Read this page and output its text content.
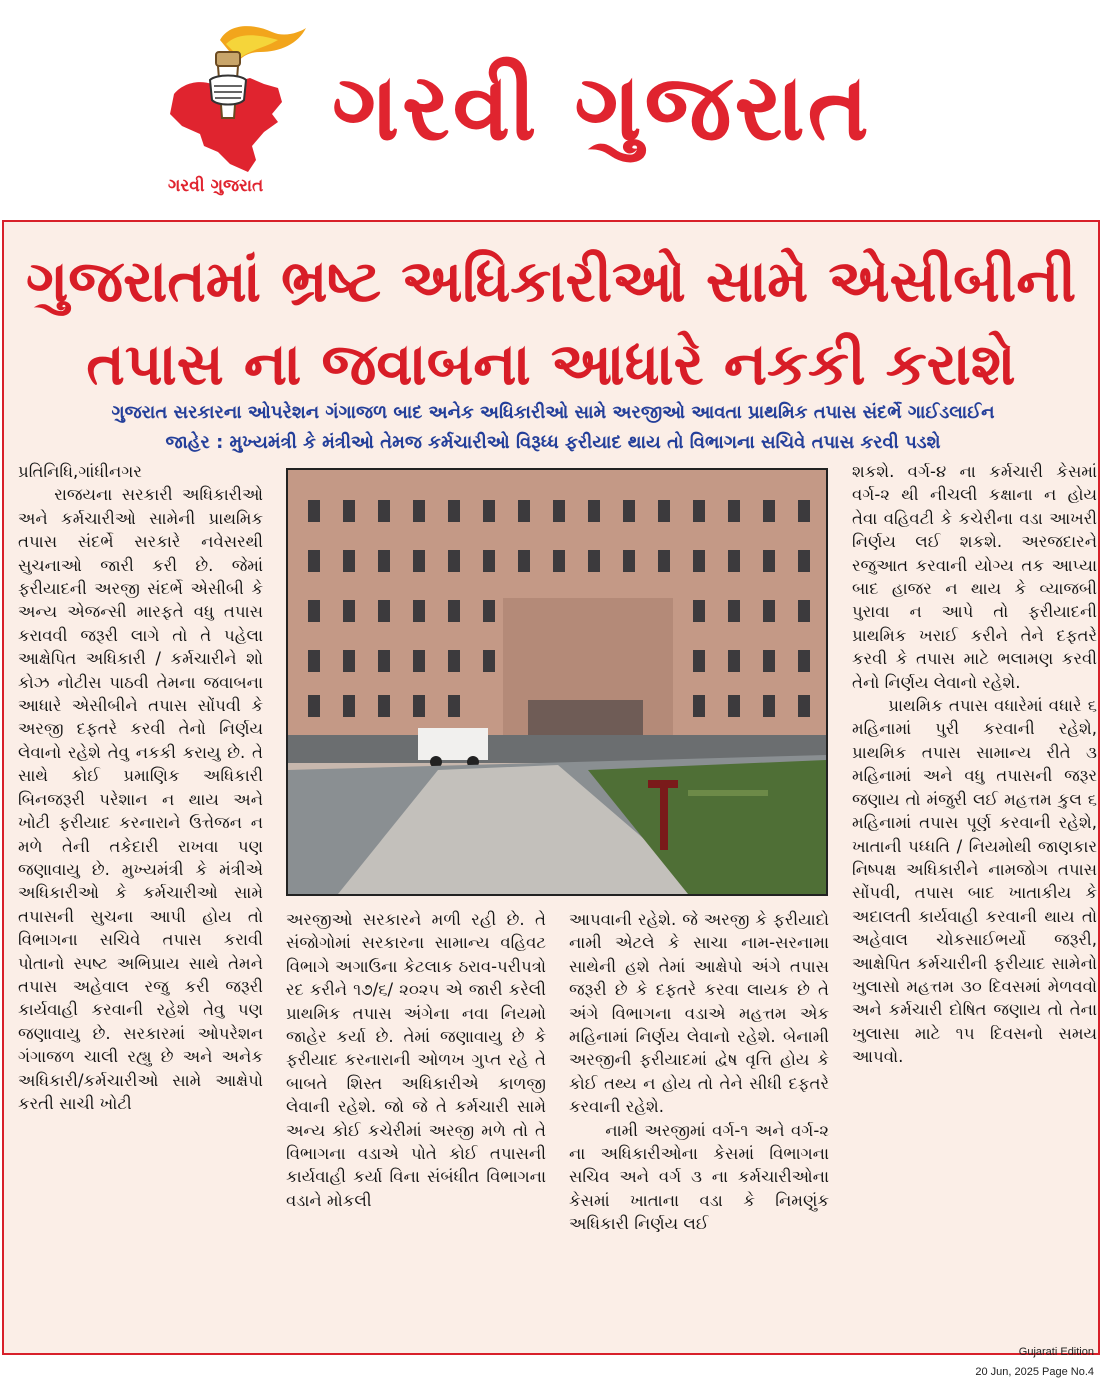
ગરવી ગુજરાત
ગરવી ગુજરાત
ગુજરાતમાં ભ્રષ્ટ અધિકારીઓ સામે એસીબીની
તપાસ ના જવાબના આધારે નકકી કરાશે
ગુજરાત સરકારના ઓપરેશન ગંગાજળ બાદ અનેક અધિકારીઓ સામે અરજીઓ આવતા પ્રાથમિક તપાસ સંદર્ભે ગાઈડલાઈન
જાહેર : મુખ્યમંત્રી કે મંત્રીઓ તેમજ કર્મચારીઓ વિરૂધ્ધ ફરીયાદ થાય તો વિભાગના સચિવે તપાસ કરવી પડશે

પ્રતિનિધિ,ગાંધીનગર

રાજયના સરકારી અધિકારીઓ અને કર્મચારીઓ સામેની પ્રાથમિક તપાસ સંદર્ભે સરકારે નવેસરથી સુચનાઓ જારી કરી છે. જેમાં ફરીયાદની અરજી સંદર્ભે એસીબી કે અન્ય એજન્સી મારફતે વધુ તપાસ કરાવવી જરૂરી લાગે તો તે પહેલા આક્ષેપિત અધિકારી / કર્મચારીને શો કોઝ નોટીસ પાઠવી તેમના જવાબના આધારે એસીબીને તપાસ સોંપવી કે અરજી દફતરે કરવી તેનો નિર્ણય લેવાનો રહેશે તેવુ નકકી કરાયુ છે. તે સાથે કોઈ પ્રમાણિક અધિકારી બિનજરૂરી પરેશાન ન થાય અને ખોટી ફરીયાદ કરનારાને ઉત્તેજન ન મળે તેની તકેદારી રાખવા પણ જણાવાયુ છે. મુખ્યમંત્રી કે મંત્રીએ અધિકારીઓ કે કર્મચારીઓ સામે તપાસની સુચના આપી હોય તો વિભાગના સચિવે તપાસ કરાવી પોતાનો સ્પષ્ટ અભિપ્રાય સાથે તેમને તપાસ અહેવાલ રજુ કરી જરૂરી કાર્યવાહી કરવાની રહેશે તેવુ પણ જણાવાયુ છે. સરકારમાં ઓપરેશન ગંગાજળ ચાલી રહ્યુ છે અને અનેક અધિકારી/કર્મચારીઓ સામે આક્ષેપો કરતી સાચી ખોટી

અરજીઓ સરકારને મળી રહી છે. તે સંજોગોમાં સરકારના સામાન્ય વહિવટ વિભાગે અગાઉના કેટલાક ઠરાવ-પરીપત્રો રદ કરીને ૧૭/૬/ ૨૦૨૫ એ જારી કરેલી પ્રાથમિક તપાસ અંગેના નવા નિયમો જાહેર કર્યા છે. તેમાં જણાવાયુ છે કે ફરીયાદ કરનારાની ઓળખ ગુપ્ત રહે તે બાબતે શિસ્ત અધિકારીએ કાળજી લેવાની રહેશે. જો જે તે કર્મચારી સામે અન્ય કોઈ કચેરીમાં અરજી મળે તો તે વિભાગના વડાએ પોતે કોઈ તપાસની કાર્યવાહી કર્યા વિના સંબંધીત વિભાગના વડાને મોકલી

આપવાની રહેશે. જે અરજી કે ફરીયાદો નામી એટલે કે સાચા નામ-સરનામા સાથેની હશે તેમાં આક્ષેપો અંગે તપાસ જરૂરી છે કે દફતરે કરવા લાયક છે તે અંગે વિભાગના વડાએ મહત્તમ એક મહિનામાં નિર્ણય લેવાનો રહેશે. બેનામી અરજીની ફરીયાદમાં દ્વેષ વૃત્તિ હોય કે કોઈ તથ્ય ન હોય તો તેને સીધી દફતરે કરવાની રહેશે.

નામી અરજીમાં વર્ગ-૧ અને વર્ગ-૨ ના અધિકારીઓના કેસમાં વિભાગના સચિવ અને વર્ગ ૩ ના કર્મચારીઓના કેસમાં ખાતાના વડા કે નિમણુંક અધિકારી નિર્ણય લઈ

શકશે. વર્ગ-૪ ના કર્મચારી કેસમાં વર્ગ-૨ થી નીચલી કક્ષાના ન હોય તેવા વહિવટી કે કચેરીના વડા આખરી નિર્ણય લઈ શકશે. અરજદારને રજુઆત કરવાની યોગ્ય તક આપ્યા બાદ હાજર ન થાય કે વ્યાજબી પુરાવા ન આપે તો ફરીયાદની પ્રાથમિક ખરાઈ કરીને તેને દફતરે કરવી કે તપાસ માટે ભલામણ કરવી તેનો નિર્ણય લેવાનો રહેશે.

પ્રાથમિક તપાસ વધારેમાં વધારે ૬ મહિનામાં પુરી કરવાની રહેશે, પ્રાથમિક તપાસ સામાન્ય રીતે ૩ મહિનામાં અને વધુ તપાસની જરૂર જણાય તો મંજુરી લઈ મહત્તમ કુલ ૬ મહિનામાં તપાસ પૂર્ણ કરવાની રહેશે, ખાતાની પધ્ધતિ / નિયમોથી જાણકાર નિષ્પક્ષ અધિકારીને નામજોગ તપાસ સોંપવી, તપાસ બાદ ખાતાકીય કે અદાલતી કાર્યવાહી કરવાની થાય તો અહેવાલ ચોકસાઈભર્યો જરૂરી, આક્ષેપિત કર્મચારીની ફરીયાદ સામેનો ખુલાસો મહત્તમ ૩૦ દિવસમાં મેળવવો અને કર્મચારી દોષિત જણાય તો તેના ખુલાસા માટે ૧૫ દિવસનો સમય આપવો.

Gujarati Edition
20 Jun, 2025 Page No.4
